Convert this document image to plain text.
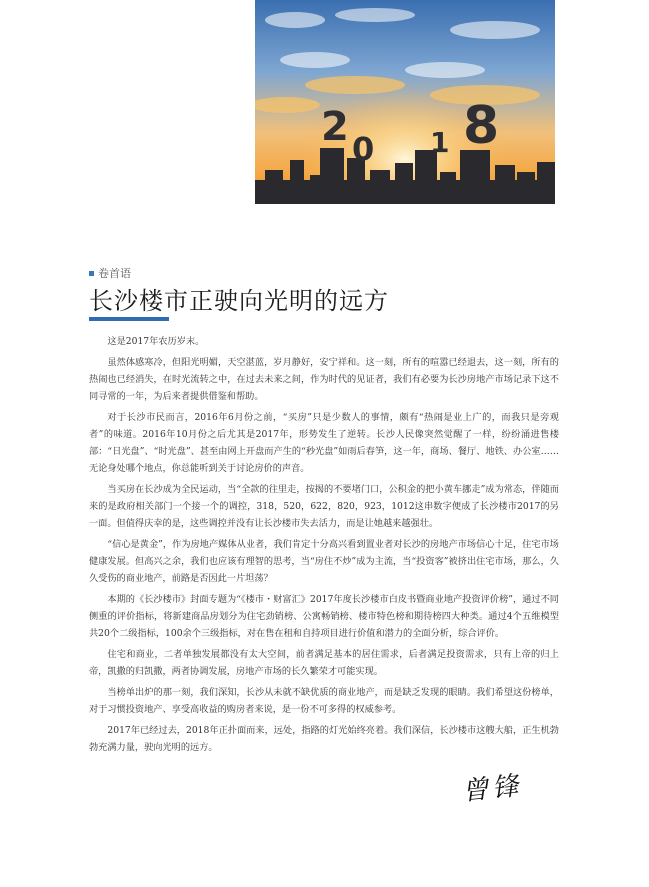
2 0 1 8
卷首语
长沙楼市正驶向光明的远方

这是2017年农历岁末。

虽然体感寒冷，但阳光明媚，天空湛蓝，岁月静好，安宁祥和。这一刻，所有的喧嚣已经退去，这一刻，所有的热闹也已经消失，在时光流转之中，在过去未来之间，作为时代的见证者，我们有必要为长沙房地产市场记录下这不同寻常的一年，为后来者提供借鉴和帮助。

对于长沙市民而言，2016年6月份之前，“买房”只是少数人的事情，颇有“热闹是业上广的，而我只是旁观者”的味道。2016年10月份之后尤其是2017年，形势发生了逆转。长沙人民像突然觉醒了一样，纷纷涌进售楼部：“日光盘”、“时光盘”、甚至由网上开盘而产生的“秒光盘”如雨后春笋，这一年，商场、餐厅、地铁、办公室……无论身处哪个地点，你总能听到关于讨论房价的声音。

当买房在长沙成为全民运动，当“全款的往里走，按揭的不要堵门口，公积金的把小黄车挪走”成为常态，伴随而来的是政府相关部门一个接一个的调控，318，520，622，820，923，1012这串数字便成了长沙楼市2017的另一面。但值得庆幸的是，这些调控并没有让长沙楼市失去活力，而是让她越来越强壮。

“信心是黄金”，作为房地产媒体从业者，我们肯定十分高兴看到置业者对长沙的房地产市场信心十足，住宅市场健康发展。但高兴之余，我们也应该有理智的思考，当“房住不炒”成为主流，当“投资客”被挤出住宅市场，那么，久久受伤的商业地产，前路是否因此一片坦荡？

本期的《长沙楼市》封面专题为“《楼市・财富汇》2017年度长沙楼市白皮书暨商业地产投资评价榜”，通过不同侧重的评价指标，将新建商品房划分为住宅劲销榜、公寓畅销榜、楼市特色榜和期待榜四大种类。通过4个五维模型共20个二级指标，100余个三级指标，对在售在租和自持项目进行价值和潜力的全面分析，综合评价。

住宅和商业，二者单独发展都没有太大空间，前者满足基本的居住需求，后者满足投资需求，只有上帝的归上帝，凯撒的归凯撒，两者协调发展，房地产市场的长久繁荣才可能实现。

当榜单出炉的那一刻，我们深知，长沙从未就不缺优质的商业地产，而是缺乏发现的眼睛。我们希望这份榜单，对于习惯投资地产、享受高收益的购房者来说，是一份不可多得的权威参考。

2017年已经过去，2018年正扑面而来，远处，指路的灯光始终亮着。我们深信，长沙楼市这艘大船，正生机勃勃充满力量，驶向光明的远方。

曾锋
